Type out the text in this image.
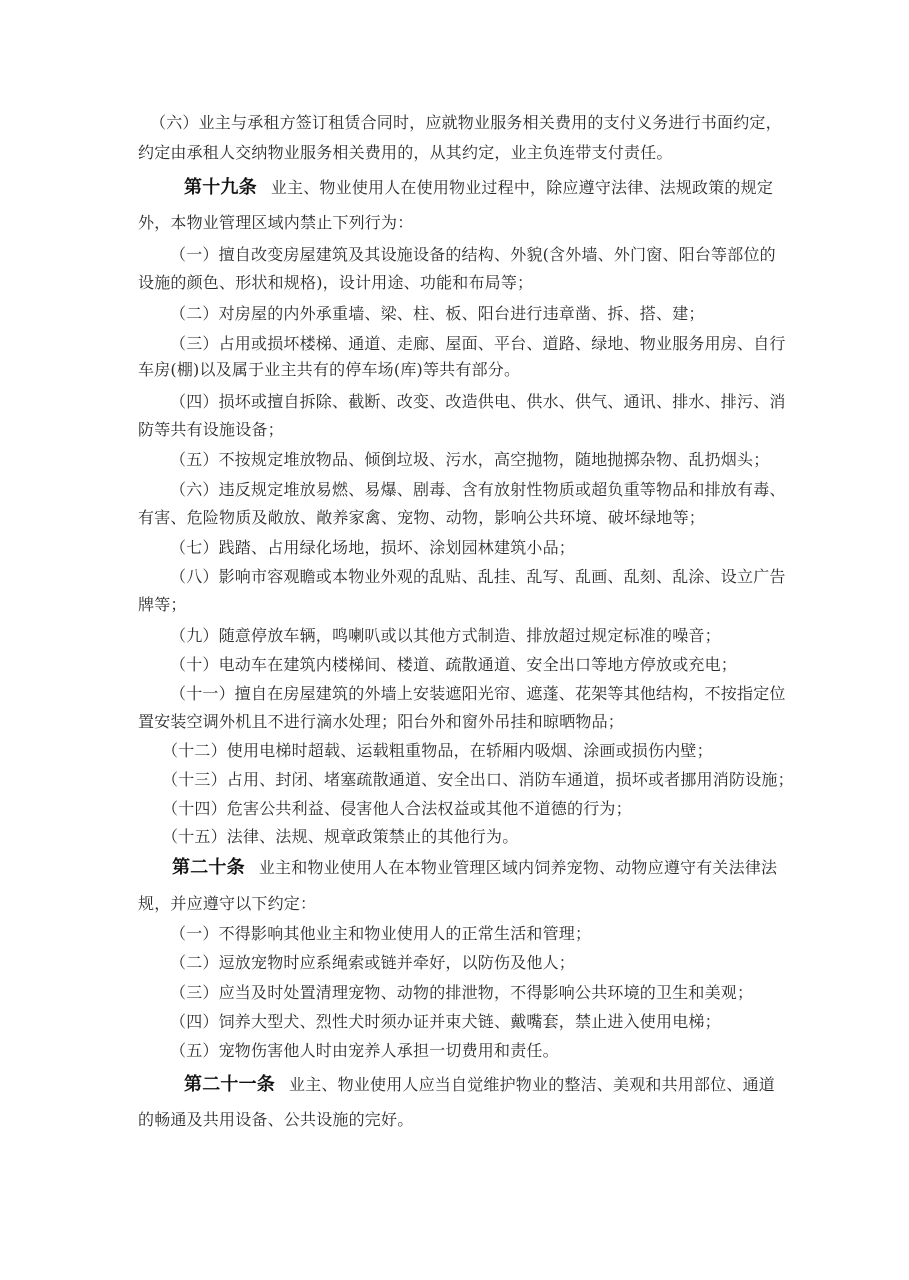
（六）业主与承租方签订租赁合同时，应就物业服务相关费用的支付义务进行书面约定，

约定由承租人交纳物业服务相关费用的，从其约定，业主负连带支付责任。

第十九条 业主、物业使用人在使用物业过程中，除应遵守法律、法规政策的规定

外，本物业管理区域内禁止下列行为：

（一）擅自改变房屋建筑及其设施设备的结构、外貌(含外墙、外门窗、阳台等部位的

设施的颜色、形状和规格)，设计用途、功能和布局等；

（二）对房屋的内外承重墙、梁、柱、板、阳台进行违章凿、拆、搭、建；

（三）占用或损坏楼梯、通道、走廊、屋面、平台、道路、绿地、物业服务用房、自行

车房(棚)以及属于业主共有的停车场(库)等共有部分。

（四）损坏或擅自拆除、截断、改变、改造供电、供水、供气、通讯、排水、排污、消

防等共有设施设备；

（五）不按规定堆放物品、倾倒垃圾、污水，高空抛物，随地抛掷杂物、乱扔烟头；

（六）违反规定堆放易燃、易爆、剧毒、含有放射性物质或超负重等物品和排放有毒、

有害、危险物质及敞放、敞养家禽、宠物、动物，影响公共环境、破坏绿地等；

（七）践踏、占用绿化场地，损坏、涂划园林建筑小品；

（八）影响市容观瞻或本物业外观的乱贴、乱挂、乱写、乱画、乱刻、乱涂、设立广告

牌等；

（九）随意停放车辆，鸣喇叭或以其他方式制造、排放超过规定标准的噪音；

（十）电动车在建筑内楼梯间、楼道、疏散通道、安全出口等地方停放或充电；

（十一）擅自在房屋建筑的外墙上安装遮阳光帘、遮蓬、花架等其他结构，不按指定位

置安装空调外机且不进行滴水处理；阳台外和窗外吊挂和晾晒物品；

（十二）使用电梯时超载、运载粗重物品，在轿厢内吸烟、涂画或损伤内壁；

（十三）占用、封闭、堵塞疏散通道、安全出口、消防车通道，损坏或者挪用消防设施；

（十四）危害公共利益、侵害他人合法权益或其他不道德的行为；

（十五）法律、法规、规章政策禁止的其他行为。

第二十条 业主和物业使用人在本物业管理区域内饲养宠物、动物应遵守有关法律法

规，并应遵守以下约定：

（一）不得影响其他业主和物业使用人的正常生活和管理；

（二）逗放宠物时应系绳索或链并牵好，以防伤及他人；

（三）应当及时处置清理宠物、动物的排泄物，不得影响公共环境的卫生和美观；

（四）饲养大型犬、烈性犬时须办证并束犬链、戴嘴套，禁止进入使用电梯；

（五）宠物伤害他人时由宠养人承担一切费用和责任。

第二十一条 业主、物业使用人应当自觉维护物业的整洁、美观和共用部位、通道

的畅通及共用设备、公共设施的完好。
